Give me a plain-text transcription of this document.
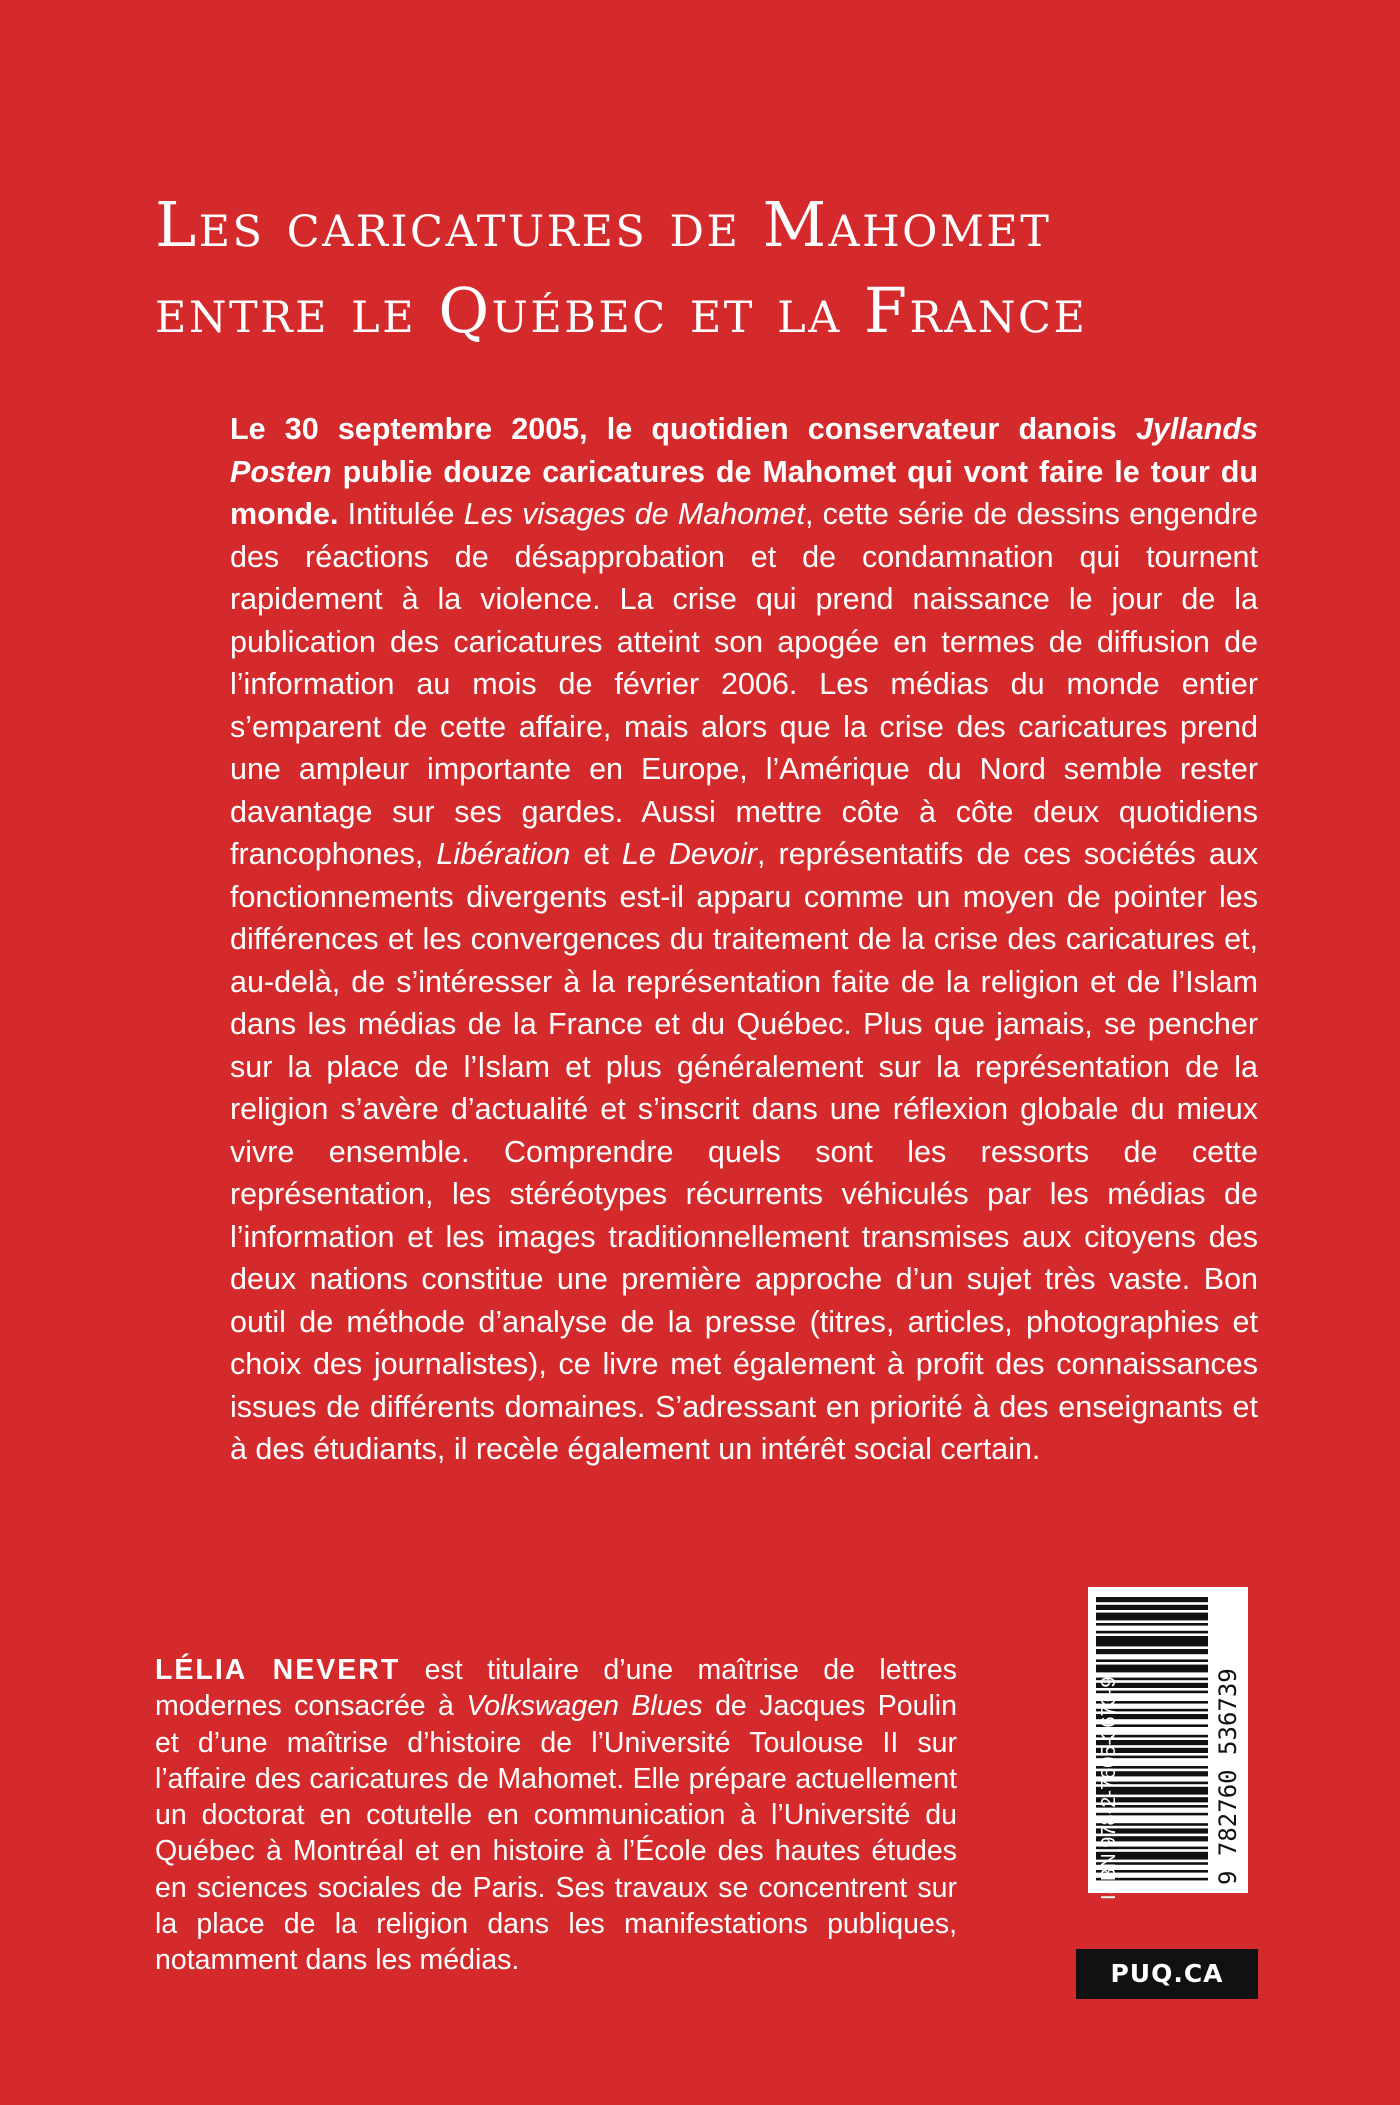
Les caricatures de Mahomet
entre le Québec et la France

Le 30 septembre 2005, le quotidien conservateur danois Jyllands Posten publie douze caricatures de Mahomet qui vont faire le tour du monde. Intitulée Les visages de Mahomet, cette série de dessins engendre des réactions de désapprobation et de condamnation qui tournent rapidement à la violence. La crise qui prend naissance le jour de la publication des caricatures atteint son apogée en termes de diffusion de l’information au mois de février 2006. Les médias du monde entier s’emparent de cette affaire, mais alors que la crise des caricatures prend une ampleur importante en Europe, l’Amérique du Nord semble rester davantage sur ses gardes. Aussi mettre côte à côte deux quotidiens francophones, Libération et Le Devoir, représentatifs de ces sociétés aux fonctionnements divergents est-il apparu comme un moyen de pointer les différences et les convergences du traitement de la crise des caricatures et, au-delà, de s’intéresser à la représentation faite de la religion et de l’Islam dans les médias de la France et du Québec. Plus que jamais, se pencher sur la place de l’Islam et plus généralement sur la représentation de la religion s’avère d’actualité et s’inscrit dans une réflexion globale du mieux vivre ensemble. Comprendre quels sont les ressorts de cette représentation, les stéréotypes récurrents véhiculés par les médias de l’information et les images traditionnellement transmises aux citoyens des deux nations constitue une première approche d’un sujet très vaste. Bon outil de méthode d’analyse de la presse (titres, articles, photographies et choix des journalistes), ce livre met également à profit des connaissances issues de différents domaines. S’adressant en priorité à des enseignants et à des étudiants, il recèle également un intérêt social certain.

LÉLIA NEVERT est titulaire d’une maîtrise de lettres modernes consacrée à Volkswagen Blues de Jacques Poulin et d’une maîtrise d’histoire de l’Université Toulouse II sur l’affaire des caricatures de Mahomet. Elle prépare actuellement un doctorat en cotutelle en communication à l’Université du Québec à Montréal et en histoire à l’École des hautes études en sciences sociales de Paris. Ses travaux se concentrent sur la place de la religion dans les manifestations publiques, notamment dans les médias.

9 782760 536739
ISBN 978-2-7605-3673-9
PUQ.CA
